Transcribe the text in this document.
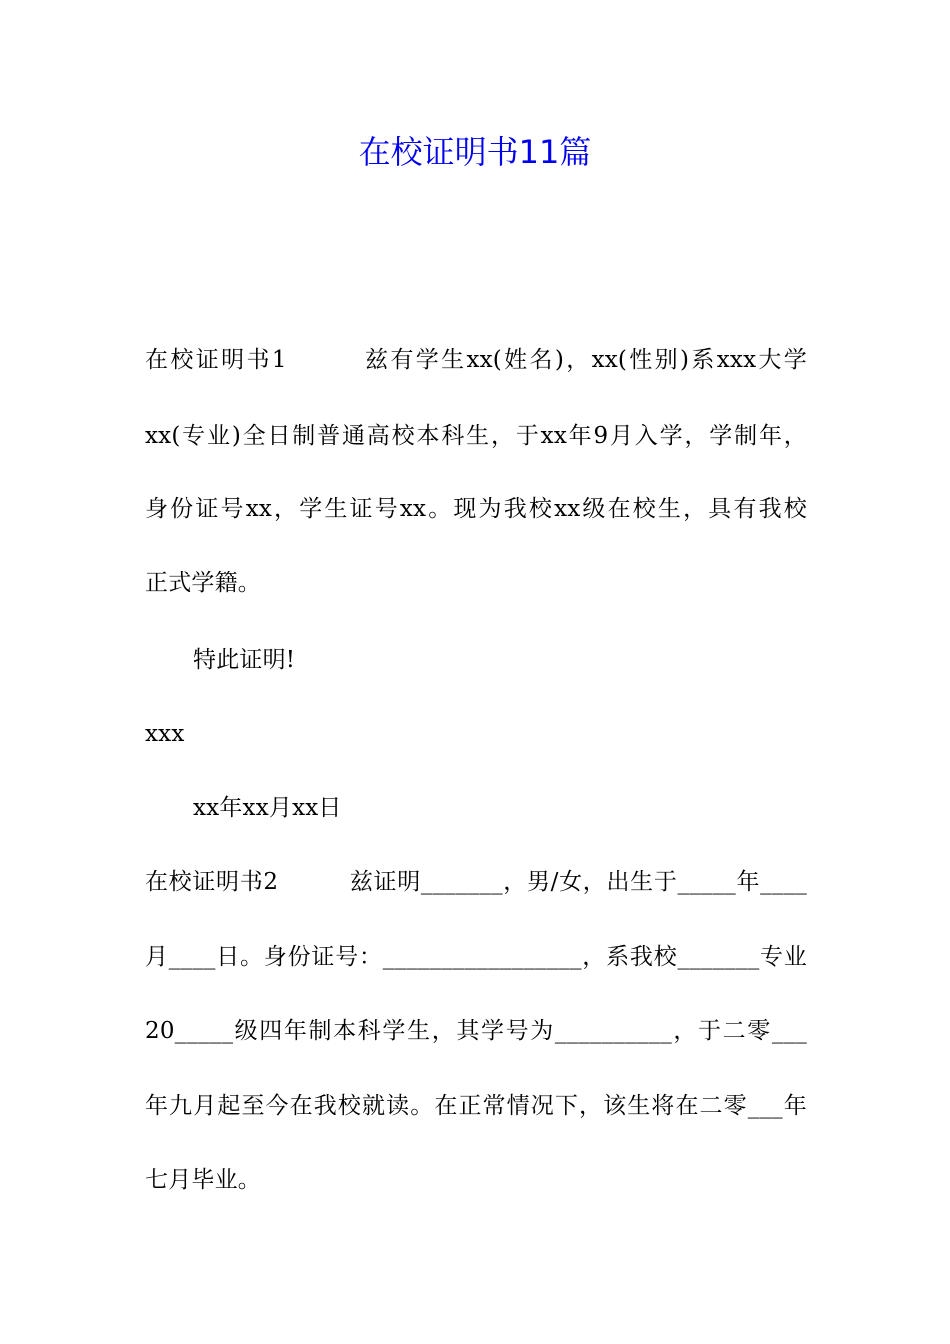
在校证明书11篇
在校证明书1　　　兹有学生xx(姓名)，xx(性别)系xxx大学
xx(专业)全日制普通高校本科生，于xx年9月入学，学制年，
身份证号xx，学生证号xx。现为我校xx级在校生，具有我校
正式学籍。
特此证明!
xxx
xx年xx月xx日
在校证明书2　　　兹证明_______，男/女，出生于_____年____
月____日。身份证号：_________________，系我校_______专业
20_____级四年制本科学生，其学号为__________，于二零___
年九月起至今在我校就读。在正常情况下，该生将在二零___年
七月毕业。
